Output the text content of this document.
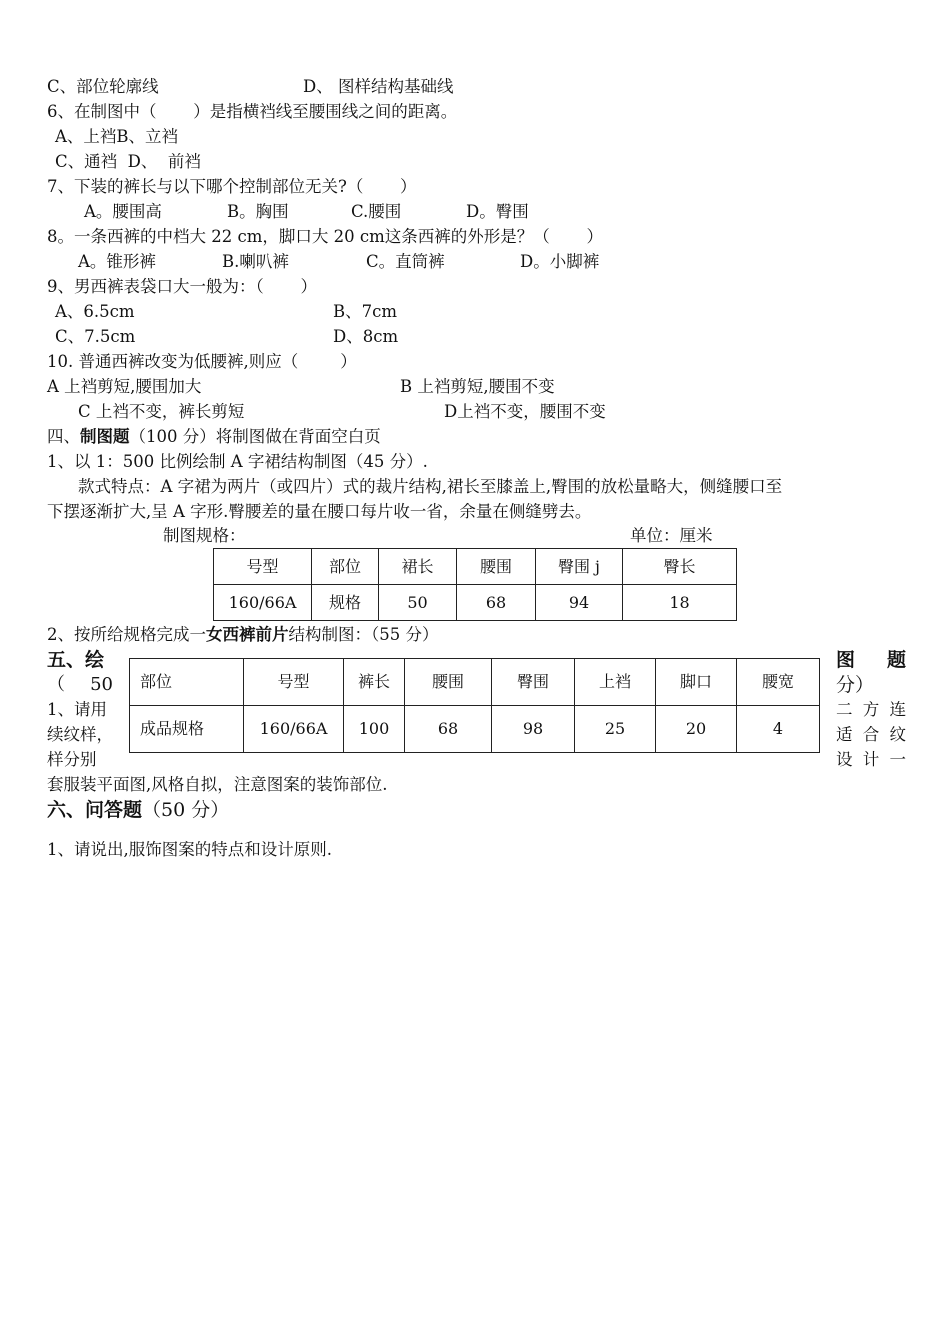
C、部位轮廓线	D、 图样结构基础线
6、在制图中（       ）是指横裆线至腰围线之间的距离。
A、上裆B、立裆
C、通裆  D、  前裆
7、下装的裤长与以下哪个控制部位无关?（       ）
A。腰围高	B。胸围	C.腰围	D。臀围
8。一条西裤的中档大 22 cm，脚口大 20 cm这条西裤的外形是？（       ）
A。锥形裤	B.喇叭裤	C。直筒裤	D。小脚裤
9、男西裤表袋口大一般为：（       ）
A、6.5cm	B、7cm
C、7.5cm	D、8cm
10. 普通西裤改变为低腰裤,则应（        ）
A 上裆剪短,腰围加大	B 上裆剪短,腰围不变
C 上裆不变，裤长剪短	D上裆不变，腰围不变
四、制图题（100 分）将制图做在背面空白页
1、以 1：500 比例绘制 A 字裙结构制图（45 分）.
款式特点：A 字裙为两片（或四片）式的裁片结构,裙长至膝盖上,臀围的放松量略大，侧缝腰口至
下摆逐渐扩大,呈 A 字形.臀腰差的量在腰口每片收一省，余量在侧缝劈去。
制图规格：	单位：厘米
号型	部位	裙长	腰围	臀围 j	臀长
160/66A	规格	50	68	94	18
2、按所给规格完成一女西裤前片结构制图：（55 分）
部位	号型	裤长	腰围	臀围	上裆	脚口	腰宽
成品规格	160/66A	100	68	98	25	20	4
五、绘	图 题
（ 50	分）
1、请用	二 方 连
续纹样，	适 合 纹
样分别	设 计 一
套服装平面图,风格自拟，注意图案的装饰部位.
六、问答题（50 分）
1、请说出,服饰图案的特点和设计原则.
